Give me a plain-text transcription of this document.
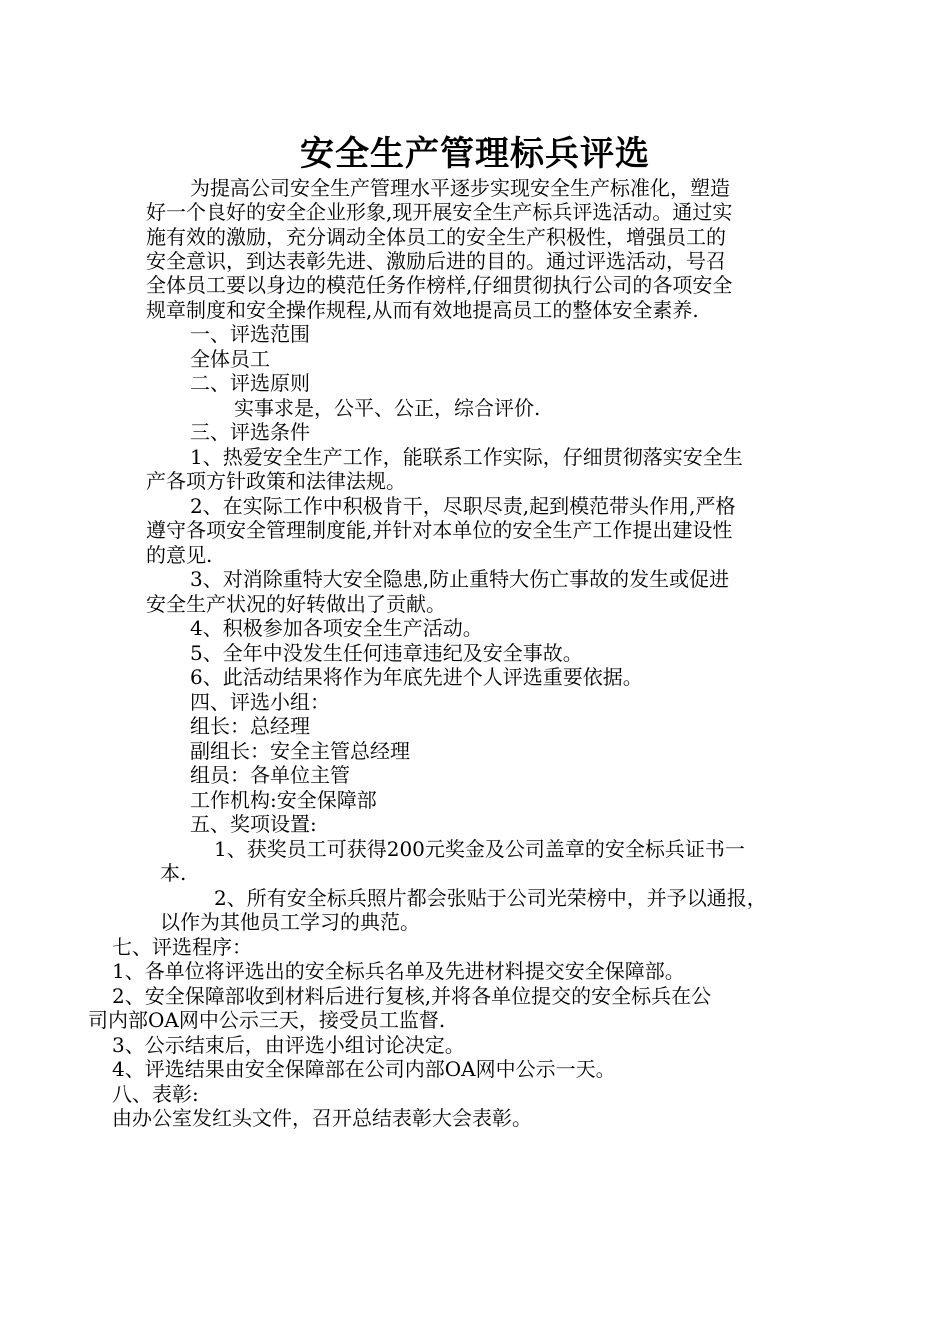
安全生产管理标兵评选
为提高公司安全生产管理水平逐步实现安全生产标准化，塑造
好一个良好的安全企业形象,现开展安全生产标兵评选活动。通过实
施有效的激励，充分调动全体员工的安全生产积极性，增强员工的
安全意识，到达表彰先进、激励后进的目的。通过评选活动，号召
全体员工要以身边的模范任务作榜样,仔细贯彻执行公司的各项安全
规章制度和安全操作规程,从而有效地提高员工的整体安全素养.
一、评选范围
全体员工
二、评选原则
实事求是，公平、公正，综合评价.
三、评选条件
1、热爱安全生产工作，能联系工作实际，仔细贯彻落实安全生
产各项方针政策和法律法规。
2、在实际工作中积极肯干，尽职尽责,起到模范带头作用,严格
遵守各项安全管理制度能,并针对本单位的安全生产工作提出建设性
的意见.
3、对消除重特大安全隐患,防止重特大伤亡事故的发生或促进
安全生产状况的好转做出了贡献。
4、积极参加各项安全生产活动。
5、全年中没发生任何违章违纪及安全事故。
6、此活动结果将作为年底先进个人评选重要依据。
四、评选小组：
组长：总经理
副组长：安全主管总经理
组员：各单位主管
工作机构:安全保障部
五、奖项设置:
1、获奖员工可获得200元奖金及公司盖章的安全标兵证书一
本.
2、所有安全标兵照片都会张贴于公司光荣榜中，并予以通报，
以作为其他员工学习的典范。
七、评选程序：
1、各单位将评选出的安全标兵名单及先进材料提交安全保障部。
2、安全保障部收到材料后进行复核,并将各单位提交的安全标兵在公
司内部OA网中公示三天，接受员工监督.
3、公示结束后，由评选小组讨论决定。
4、评选结果由安全保障部在公司内部OA网中公示一天。
八、表彰:
由办公室发红头文件，召开总结表彰大会表彰。
